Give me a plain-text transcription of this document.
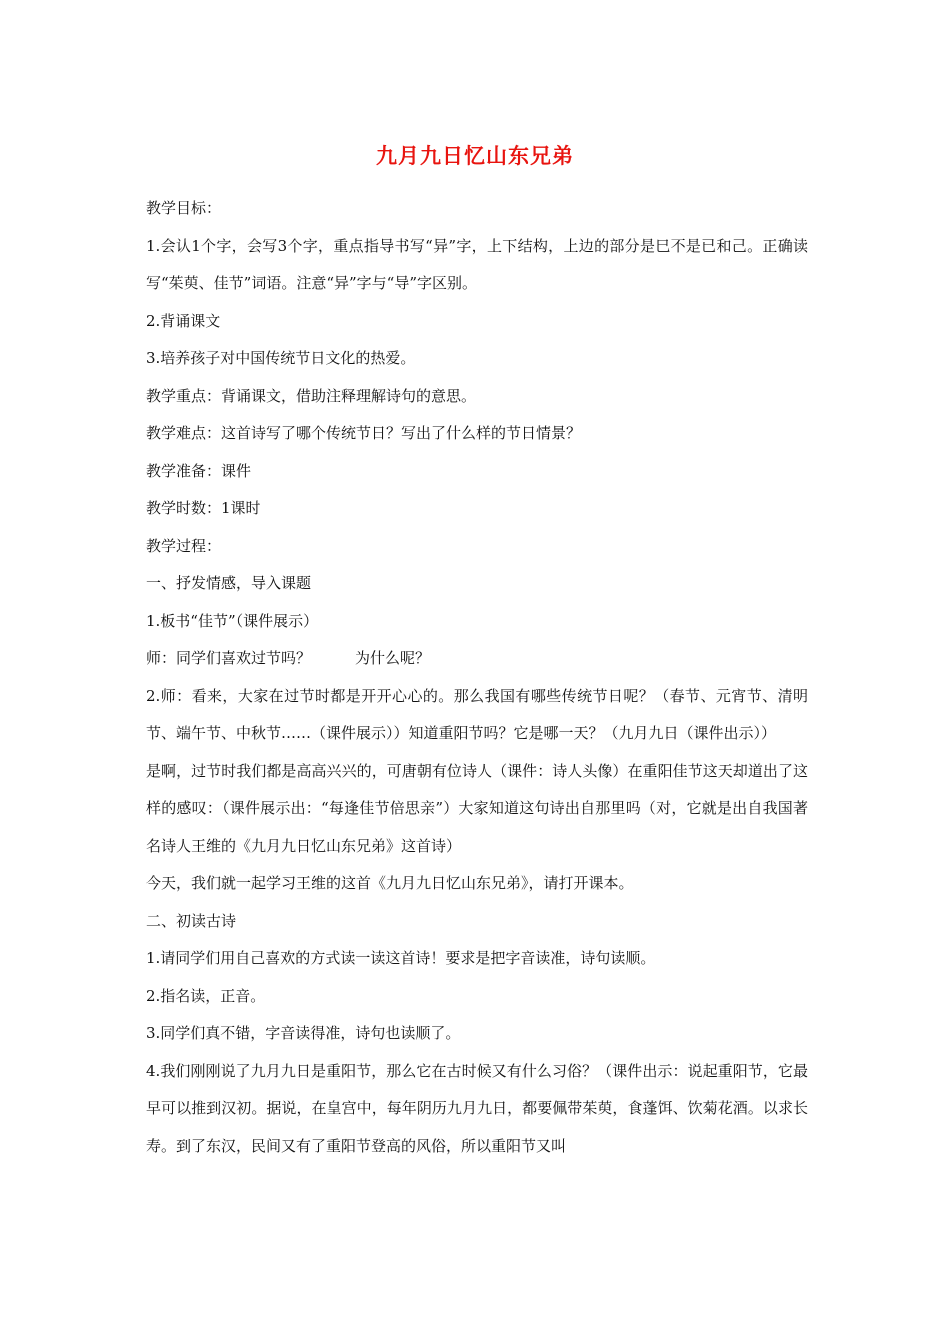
九月九日忆山东兄弟

教学目标：

1.会认1个字，会写3个字，重点指导书写“异”字，上下结构，上边的部分是巳不是已和己。正确读写“茱萸、佳节”词语。注意“异”字与“导”字区别。

2.背诵课文

3.培养孩子对中国传统节日文化的热爱。

教学重点：背诵课文，借助注释理解诗句的意思。

教学难点：这首诗写了哪个传统节日？写出了什么样的节日情景？

教学准备：课件

教学时数：1课时

教学过程：

一、抒发情感，导入课题

1.板书“佳节”（课件展示）

师：同学们喜欢过节吗？	为什么呢？

2.师：看来，大家在过节时都是开开心心的。那么我国有哪些传统节日呢？（春节、元宵节、清明节、端午节、中秋节……（课件展示））知道重阳节吗？它是哪一天？（九月九日（课件出示））

是啊，过节时我们都是高高兴兴的，可唐朝有位诗人（课件：诗人头像）在重阳佳节这天却道出了这样的感叹：（课件展示出：“每逢佳节倍思亲”）大家知道这句诗出自那里吗（对，它就是出自我国著名诗人王维的《九月九日忆山东兄弟》这首诗）

今天，我们就一起学习王维的这首《九月九日忆山东兄弟》，请打开课本。

二、初读古诗

1.请同学们用自己喜欢的方式读一读这首诗！要求是把字音读准，诗句读顺。

2.指名读，正音。

3.同学们真不错，字音读得准，诗句也读顺了。

4.我们刚刚说了九月九日是重阳节，那么它在古时候又有什么习俗？（课件出示：说起重阳节，它最早可以推到汉初。据说，在皇宫中，每年阴历九月九日，都要佩带茱萸，食蓬饵、饮菊花酒。以求长寿。到了东汉，民间又有了重阳节登高的风俗，所以重阳节又叫
